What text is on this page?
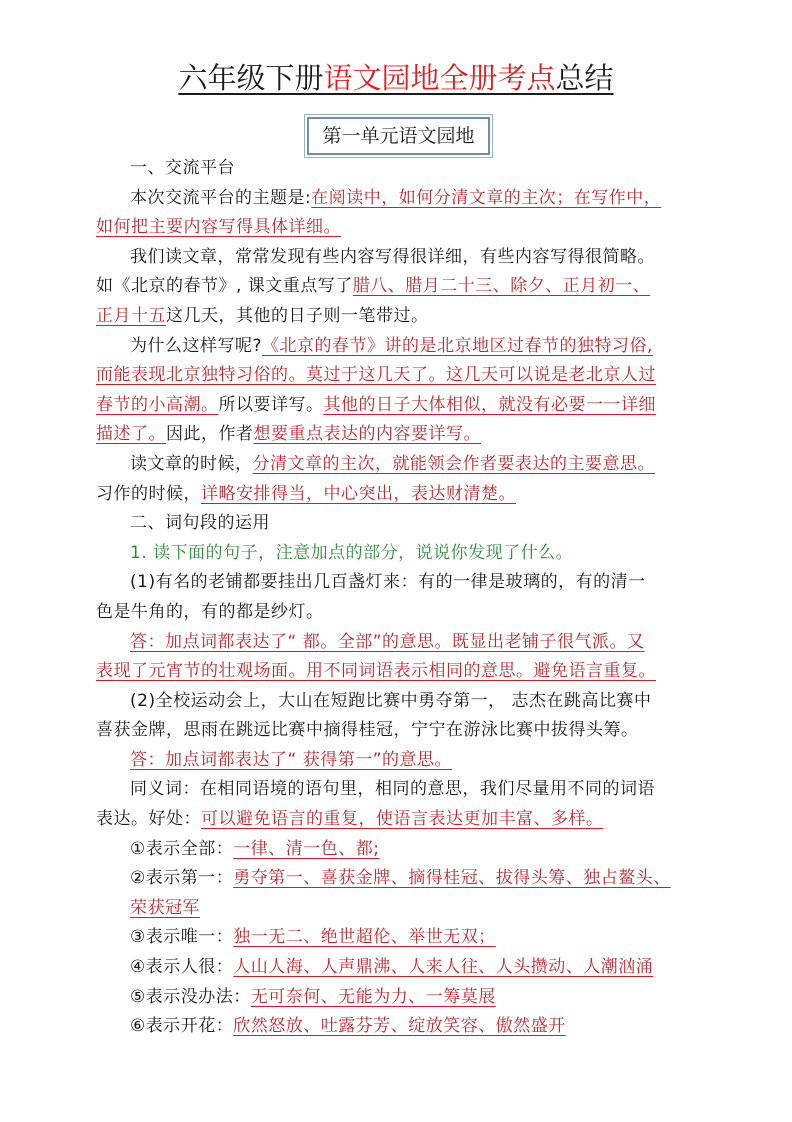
六年级下册语文园地全册考点总结
第一单元语文园地

一、交流平台

本次交流平台的主题是:在阅读中，如何分清文章的主次；在写作中，

如何把主要内容写得具体详细。

我们读文章，常常发现有些内容写得很详细，有些内容写得很简略。

如《北京的春节》, 课文重点写了腊八、腊月二十三、除夕、正月初一、

正月十五这几天，其他的日子则一笔带过。

为什么这样写呢?《北京的春节》讲的是北京地区过春节的独特习俗,

而能表现北京独特习俗的。莫过于这几天了。这几天可以说是老北京人过

春节的小高潮。所以要详写。其他的日子大体相似，就没有必要一一详细

描述了。因此，作者想要重点表达的内容要详写。

读文章的时候，分清文章的主次，就能领会作者要表达的主要意思。

习作的时候，详略安排得当，中心突出，表达财清楚。

二、词句段的运用

1. 读下面的句子，注意加点的部分，说说你发现了什么。

(1)有名的老铺都要挂出几百盏灯来：有的一律是玻璃的，有的清一

色是牛角的，有的都是纱灯。

答：加点词都表达了“ 都。全部”的意思。既显出老铺子很气派。又

表现了元宵节的壮观场面。用不同词语表示相同的意思。避免语言重复。

(2)全校运动会上，大山在短跑比赛中勇夺第一， 志杰在跳高比赛中

喜获金牌，思雨在跳远比赛中摘得桂冠，宁宁在游泳比赛中拔得头筹。

答：加点词都表达了“ 获得第一”的意思。

同义词：在相同语境的语句里，相同的意思，我们尽量用不同的词语

表达。好处：可以避免语言的重复，使语言表达更加丰富、多样。

①表示全部：一律、清一色、都;

②表示第一：勇夺第一、喜获金牌、摘得桂冠、拔得头筹、独占鳌头、

荣获冠军

③表示唯一：独一无二、绝世超伦、举世无双；

④表示人很：人山人海、人声鼎沸、人来人往、人头攒动、人潮汹涌

⑤表示没办法：无可奈何、无能为力、一筹莫展

⑥表示开花：欣然怒放、吐露芬芳、绽放笑容、傲然盛开
